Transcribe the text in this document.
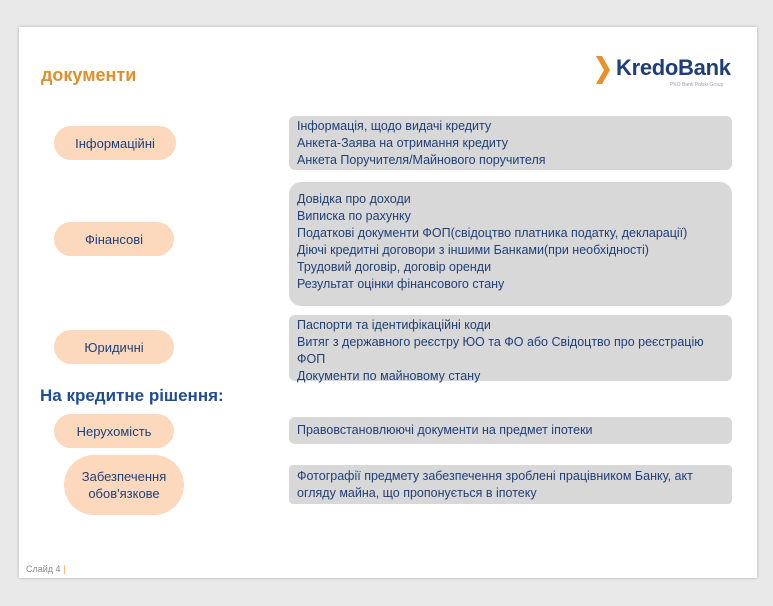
документи	KredoBank
PKO Bank Polski Group
Інформаційні
Інформація, щодо видачі кредиту
Анкета-Заява на отримання кредиту
Анкета Поручителя/Майнового поручителя
Фінансові
Довідка про доходи
Виписка по рахунку
Податкові документи ФОП(свідоцтво платника податку, декларації)
Діючі кредитні договори з іншими Банками(при необхідності)
Трудовий договір, договір оренди
Результат оцінки фінансового стану
Юридичні
Паспорти та ідентифікаційні коди
Витяг з державного реєстру ЮО та ФО або Свідоцтво про реєстрацію ФОП
Документи по майновому стану
На кредитне рішення:
Нерухомість	Правовстановлюючі документи на предмет іпотеки
Забезпечення обов'язкове
Фотографії предмету забезпечення зроблені працівником Банку, акт огляду майна, що пропонується в іпотеку
Слайд 4 |
